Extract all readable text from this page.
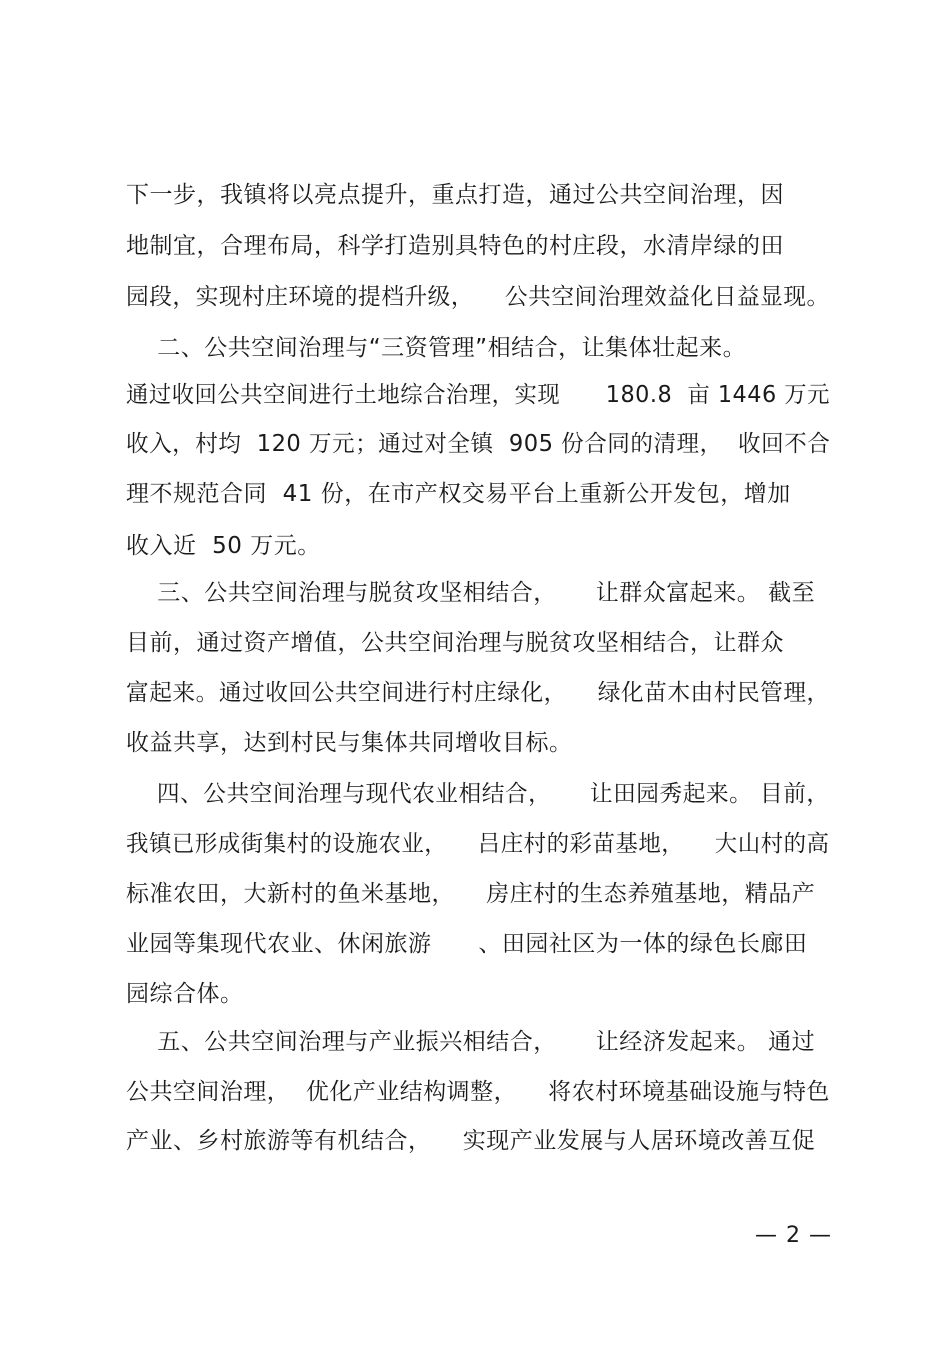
下一步，我镇将以亮点提升，重点打造，通过公共空间治理，因
地制宜，合理布局，科学打造别具特色的村庄段，水清岸绿的田
园段，实现村庄环境的提档升级，    公共空间治理效益化日益显现。
二、公共空间治理与“三资管理”相结合，让集体壮起来。
通过收回公共空间进行土地综合治理，实现      180.8  亩 1446 万元
收入，村均  120 万元；通过对全镇  905 份合同的清理，  收回不合
理不规范合同  41 份，在市产权交易平台上重新公开发包，增加
收入近  50 万元。
三、公共空间治理与脱贫攻坚相结合，     让群众富起来。 截至
目前，通过资产增值，公共空间治理与脱贫攻坚相结合，让群众
富起来。通过收回公共空间进行村庄绿化，    绿化苗木由村民管理，
收益共享，达到村民与集体共同增收目标。
四、公共空间治理与现代农业相结合，     让田园秀起来。 目前，
我镇已形成街集村的设施农业，    吕庄村的彩苗基地，    大山村的高
标准农田，大新村的鱼米基地，    房庄村的生态养殖基地，精品产
业园等集现代农业、休闲旅游      、田园社区为一体的绿色长廊田
园综合体。
五、公共空间治理与产业振兴相结合，     让经济发起来。 通过
公共空间治理，  优化产业结构调整，    将农村环境基础设施与特色
产业、乡村旅游等有机结合，    实现产业发展与人居环境改善互促
— 2 —
